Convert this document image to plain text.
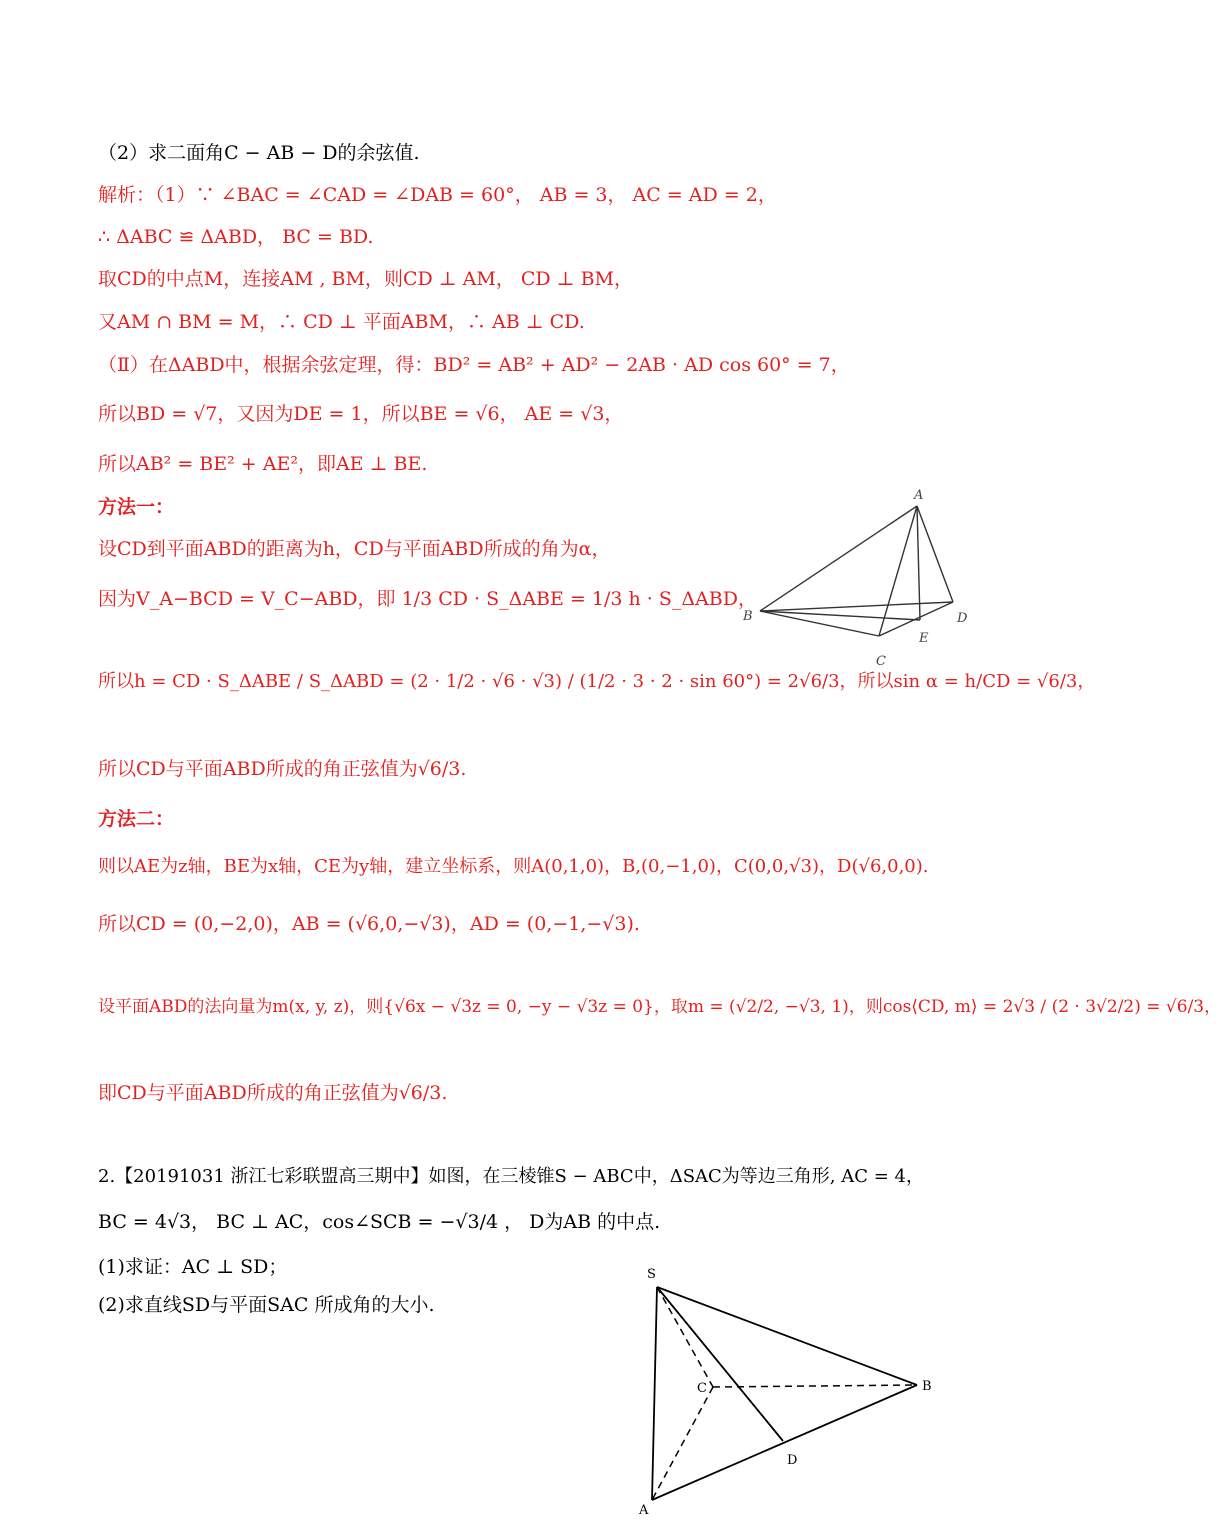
（2）求二面角C − AB − D的余弦值.
解析：（1）∵ ∠BAC = ∠CAD = ∠DAB = 60°， AB = 3， AC = AD = 2，
∴ ΔABC ≌ ΔABD， BC = BD.
取CD的中点M，连接AM , BM，则CD ⊥ AM， CD ⊥ BM，
又AM ∩ BM = M，∴ CD ⊥ 平面ABM，∴ AB ⊥ CD.
（Ⅱ）在ΔABD中，根据余弦定理，得：BD² = AB² + AD² − 2AB · AD cos 60° = 7，
所以BD = √7，又因为DE = 1，所以BE = √6， AE = √3，
所以AB² = BE² + AE²，即AE ⊥ BE.
方法一：
设CD到平面ABD的距离为h，CD与平面ABD所成的角为α，
因为V_A−BCD = V_C−ABD，即 1/3 CD · S_ΔABE = 1/3 h · S_ΔABD，
所以h = CD · S_ΔABE / S_ΔABD = (2 · 1/2 · √6 · √3) / (1/2 · 3 · 2 · sin 60°) = 2√6/3，所以sin α = h/CD = √6/3，
所以CD与平面ABD所成的角正弦值为√6/3.
方法二：
则以AE为z轴，BE为x轴，CE为y轴，建立坐标系，则A(0,1,0)，B,(0,−1,0)，C(0,0,√3)，D(√6,0,0).
所以CD = (0,−2,0)，AB = (√6,0,−√3)，AD = (0,−1,−√3).
设平面ABD的法向量为m(x, y, z)，则{√6x − √3z = 0, −y − √3z = 0}，取m = (√2/2, −√3, 1)，则cos⟨CD, m⟩ = 2√3 / (2 · 3√2/2) = √6/3，
即CD与平面ABD所成的角正弦值为√6/3.
2.【20191031 浙江七彩联盟高三期中】如图，在三棱锥S − ABC中，ΔSAC为等边三角形, AC = 4，
BC = 4√3， BC ⊥ AC，cos∠SCB = −√3/4 ， D为AB 的中点.
(1)求证：AC ⊥ SD；
(2)求直线SD与平面SAC 所成角的大小.
A
B
C
D
E
S
C	B
D
A
